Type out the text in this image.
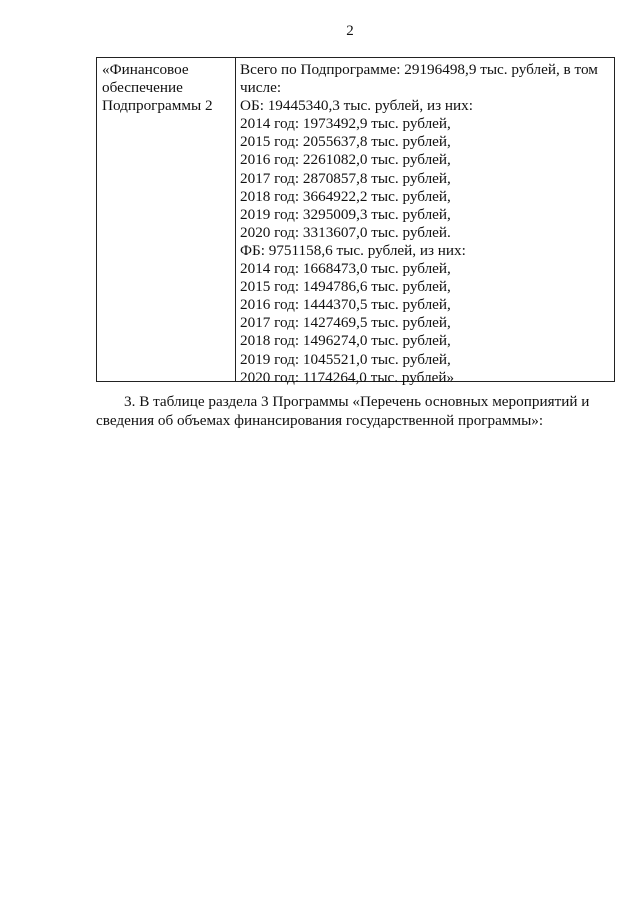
2
«Финансовое
обеспечение
Подпрограммы 2
Всего по Подпрограмме: 29196498,9 тыс. рублей, в том
числе:
ОБ: 19445340,3 тыс. рублей, из них:
2014 год: 1973492,9 тыс. рублей,
2015 год: 2055637,8 тыс. рублей,
2016 год: 2261082,0 тыс. рублей,
2017 год: 2870857,8 тыс. рублей,
2018 год: 3664922,2 тыс. рублей,
2019 год: 3295009,3 тыс. рублей,
2020 год: 3313607,0 тыс. рублей.
ФБ: 9751158,6 тыс. рублей, из них:
2014 год: 1668473,0 тыс. рублей,
2015 год: 1494786,6 тыс. рублей,
2016 год: 1444370,5 тыс. рублей,
2017 год: 1427469,5 тыс. рублей,
2018 год: 1496274,0 тыс. рублей,
2019 год: 1045521,0 тыс. рублей,
2020 год: 1174264,0 тыс. рублей»
3. В таблице раздела 3 Программы «Перечень основных мероприятий и
сведения об объемах финансирования государственной программы»:
